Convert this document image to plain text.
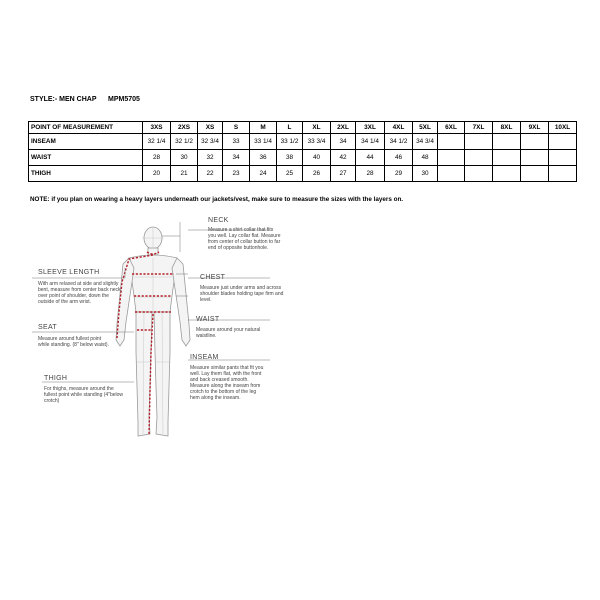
STYLE:- MEN CHAP MPM5705
POINT OF MEASUREMENT	3XS	2XS	XS	S	M	L	XL	2XL	3XL	4XL	5XL	6XL	7XL	8XL	9XL	10XL
INSEAM	32 1/4	32 1/2	32 3/4	33	33 1/4	33 1/2	33 3/4	34	34 1/4	34 1/2	34 3/4					
WAIST	28	30	32	34	36	38	40	42	44	46	48					
THIGH	20	21	22	23	24	25	26	27	28	29	30					
NOTE: if you plan on wearing a heavy layers underneath our jackets/vest, make sure to measure the sizes with the layers on.
NECK
Measure a shirt collar that fits you well. Lay collar flat. Measure from center of collar button to far end of opposite buttonhole.
SLEEVE LENGTH
With arm relaxed at side and slightly bent, measure from center back neck, over point of shoulder, down the outside of the arm wrist.
CHEST
Measure just under arms and across shoulder blades holding tape firm and level.
WAIST
Measure around your natural waistline.
SEAT
Measure around fullest point while standing. (8" below waist).
INSEAM
Measure similar pants that fit you well. Lay them flat, with the front and back creased smooth. Measure along the inseam from crotch to the bottom of the leg hem along the inseam.
THIGH
For thighs, measure around the fullest point while standing (4"below crotch)
